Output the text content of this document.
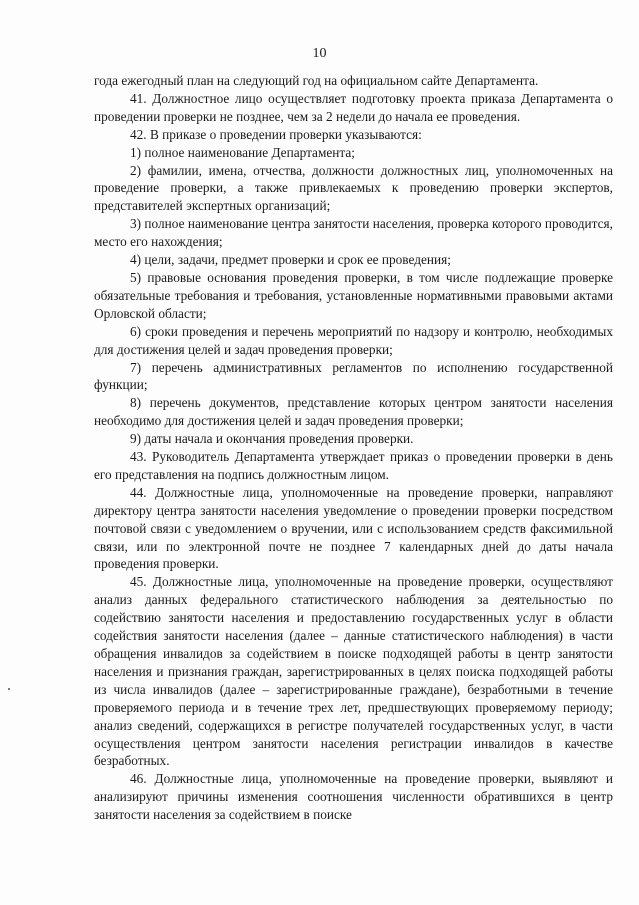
10

года ежегодный план на следующий год на официальном сайте Департамента.

41. Должностное лицо осуществляет подготовку проекта приказа Департамента о проведении проверки не позднее, чем за 2 недели до начала ее проведения.

42. В приказе о проведении проверки указываются:

1) полное наименование Департамента;

2) фамилии, имена, отчества, должности должностных лиц, уполномоченных на проведение проверки, а также привлекаемых к проведению проверки экспертов, представителей экспертных организаций;

3) полное наименование центра занятости населения, проверка которого проводится, место его нахождения;

4) цели, задачи, предмет проверки и срок ее проведения;

5) правовые основания проведения проверки, в том числе подлежащие проверке обязательные требования и требования, установленные нормативными правовыми актами Орловской области;

6) сроки проведения и перечень мероприятий по надзору и контролю, необходимых для достижения целей и задач проведения проверки;

7) перечень административных регламентов по исполнению государственной функции;

8) перечень документов, представление которых центром занятости населения необходимо для достижения целей и задач проведения проверки;

9) даты начала и окончания проведения проверки.

43. Руководитель Департамента утверждает приказ о проведении проверки в день его представления на подпись должностным лицом.

44. Должностные лица, уполномоченные на проведение проверки, направляют директору центра занятости населения уведомление о проведении проверки посредством почтовой связи с уведомлением о вручении, или с использованием средств факсимильной связи, или по электронной почте не позднее 7 календарных дней до даты начала проведения проверки.

45. Должностные лица, уполномоченные на проведение проверки, осуществляют анализ данных федерального статистического наблюдения за деятельностью по содействию занятости населения и предоставлению государственных услуг в области содействия занятости населения (далее – данные статистического наблюдения) в части обращения инвалидов за содействием в поиске подходящей работы в центр занятости населения и признания граждан, зарегистрированных в целях поиска подходящей работы из числа инвалидов (далее – зарегистрированные граждане), безработными в течение проверяемого периода и в течение трех лет, предшествующих проверяемому периоду; анализ сведений, содержащихся в регистре получателей государственных услуг, в части осуществления центром занятости населения регистрации инвалидов в качестве безработных.

46. Должностные лица, уполномоченные на проведение проверки, выявляют и анализируют причины изменения соотношения численности обратившихся в центр занятости населения за содействием в поиске
